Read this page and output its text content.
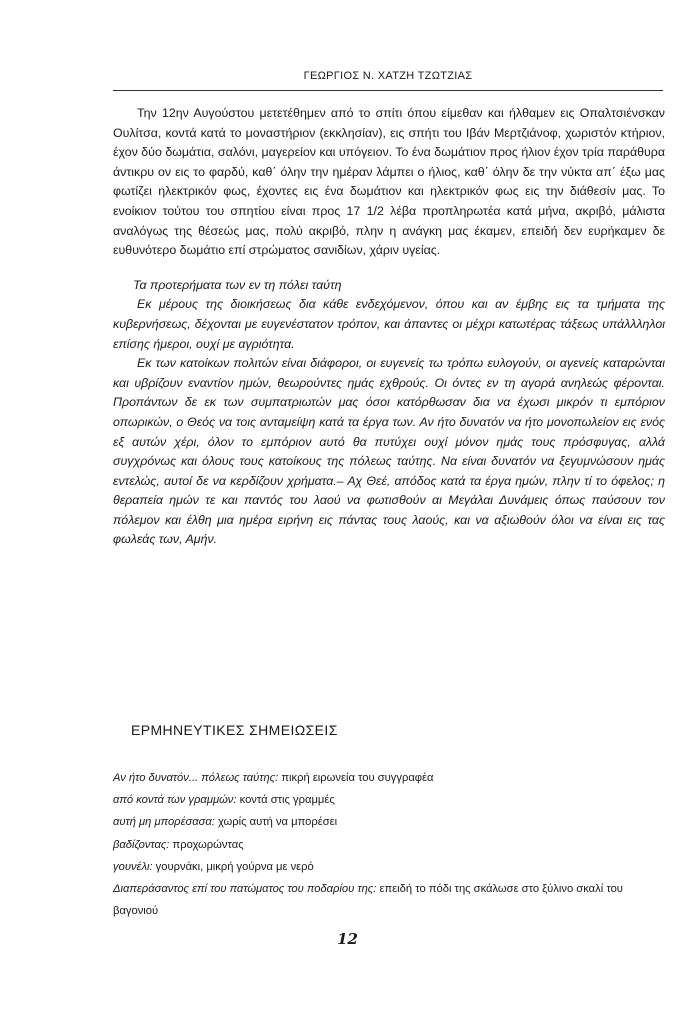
ΓΕΩΡΓΙΟΣ Ν. ΧΑΤΖΗ ΤΖΩΤΖΙΑΣ

Την 12ην Αυγούστου μετετέθημεν από το σπίτι όπου είμεθαν και ήλθαμεν εις Οπαλτσιένσκαν Ουλίτσα, κοντά κατά το μοναστήριον (εκκλησίαν), εις σπήτι του Ιβάν Μερτζιάνοφ, χωριστόν κτήριον, έχον δύο δωμάτια, σαλόνι, μαγερείον και υπόγειον. Το ένα δωμάτιον προς ήλιον έχον τρία παράθυρα άντικρυ ον εις το φαρδύ, καθ΄ όλην την ημέραν λάμπει ο ήλιος, καθ΄ όλην δε την νύκτα απ΄ έξω μας φωτίζει ηλεκτρικόν φως, έχοντες εις ένα δωμάτιον και ηλεκτρικόν φως εις την διάθεσίν μας. Το ενοίκιον τούτου του σπητίου είναι προς 17 1/2 λέβα προπληρωτέα κατά μήνα, ακριβό, μάλιστα αναλόγως της θέσεώς μας, πολύ ακριβό, πλην η ανάγκη μας έκαμεν, επειδή δεν ευρήκαμεν δε ευθυνότερο δωμάτιο επί στρώματος σανιδίων, χάριν υγείας.

Τα προτερήματα των εν τη πόλει ταύτη

Εκ μέρους της διοικήσεως δια κάθε ενδεχόμενον, όπου και αν έμβης εις τα τμήματα της κυβερνήσεως, δέχονται με ευγενέστατον τρόπον, και άπαντες οι μέχρι κατωτέρας τάξεως υπάλλληλοι επίσης ήμεροι, ουχί με αγριότητα.

Εκ των κατοίκων πολιτών είναι διάφοροι, οι ευγενείς τω τρόπω ευλογούν, οι αγενείς καταρώνται και υβρίζουν εναντίον ημών, θεωρούντες ημάς εχθρούς. Οι όντες εν τη αγορά ανηλεώς φέρονται. Προπάντων δε εκ των συμπατριωτών μας όσοι κατόρθωσαν δια να έχωσι μικρόν τι εμπόριον οπωρικών, ο Θεός να τοις ανταμείψη κατά τα έργα των. Αν ήτο δυνατόν να ήτο μονοπωλείον εις ενός εξ αυτών χέρι, όλον το εμπόριον αυτό θα πυτύχει ουχί μόνον ημάς τους πρόσφυγας, αλλά συγχρόνως και όλους τους κατοίκους της πόλεως ταύτης. Να είναι δυνατόν να ξεγυμνώσουν ημάς εντελώς, αυτοί δε να κερδίζουν χρήματα.– Αχ Θεέ, απόδος κατά τα έργα ημών, πλην τί το όφελος; η θεραπεία ημών τε και παντός του λαού να φωτισθούν αι Μεγάλαι Δυνάμεις όπως παύσουν τον πόλεμον και έλθη μια ημέρα ειρήνη εις πάντας τους λαούς, και να αξιωθούν όλοι να είναι εις τας φωλεάς των, Αμήν.

ΕΡΜΗΝΕΥΤΙΚΕΣ ΣΗΜΕΙΩΣΕΙΣ

Αν ήτο δυνατόν... πόλεως ταύτης: πικρή ειρωνεία του συγγραφέα

από κοντά των γραμμών: κοντά στις γραμμές

αυτή μη μπορέσασα: χωρίς αυτή να μπορέσει

βαδίζοντας: προχωρώντας

γουνέλι: γουρνάκι, μικρή γούρνα με νερό

Διαπεράσαντος επί του πατώματος του ποδαρίου της: επειδή το πόδι της σκάλωσε στο ξύλινο σκαλί του

βαγονιού

12
